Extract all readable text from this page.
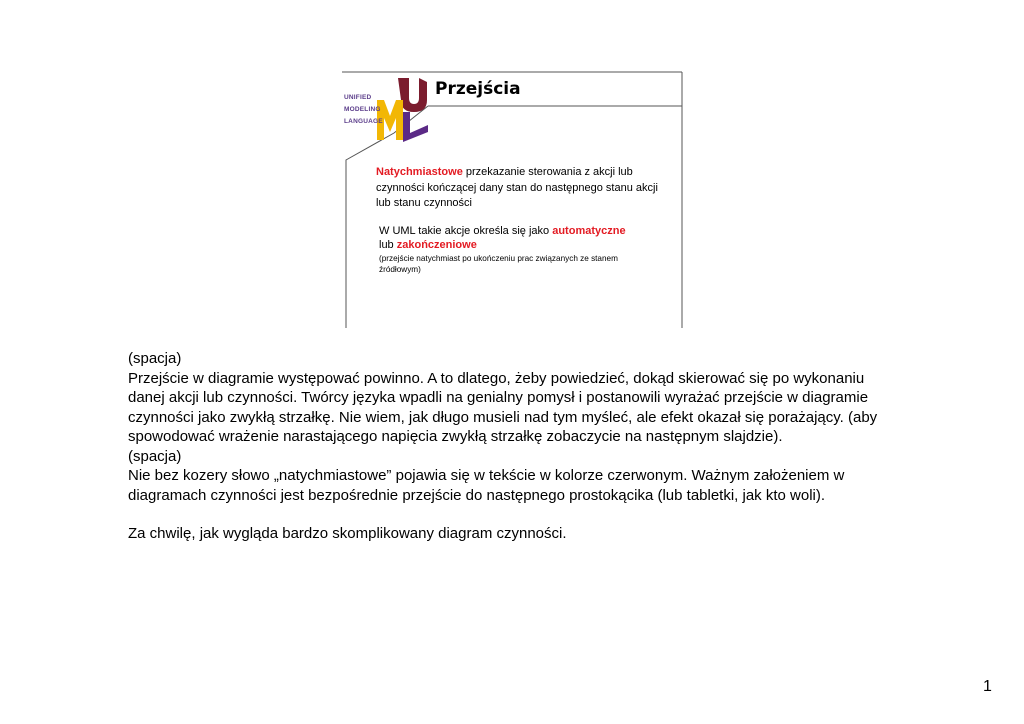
UNIFIED
MODELING
LANGUAGE
Przejścia
Natychmiastowe przekazanie sterowania z akcji lub czynności kończącej dany stan do następnego stanu akcji lub stanu czynności
W UML takie akcje określa się jako automatyczne
lub zakończeniowe
(przejście natychmiast po ukończeniu prac związanych ze stanem źródłowym)

(spacja)

Przejście w diagramie występować powinno. A to dlatego, żeby powiedzieć, dokąd skierować się po wykonaniu danej akcji lub czynności. Twórcy języka wpadli na genialny pomysł i postanowili wyrażać przejście w diagramie czynności jako zwykłą strzałkę. Nie wiem, jak długo musieli nad tym myśleć, ale efekt okazał się porażający. (aby spowodować wrażenie narastającego napięcia zwykłą strzałkę zobaczycie na następnym slajdzie).

(spacja)

Nie bez kozery słowo „natychmiastowe” pojawia się w tekście w kolorze czerwonym. Ważnym założeniem w diagramach czynności jest bezpośrednie przejście do następnego prostokącika (lub tabletki, jak kto woli).

Za chwilę, jak wygląda bardzo skomplikowany diagram czynności.

1
